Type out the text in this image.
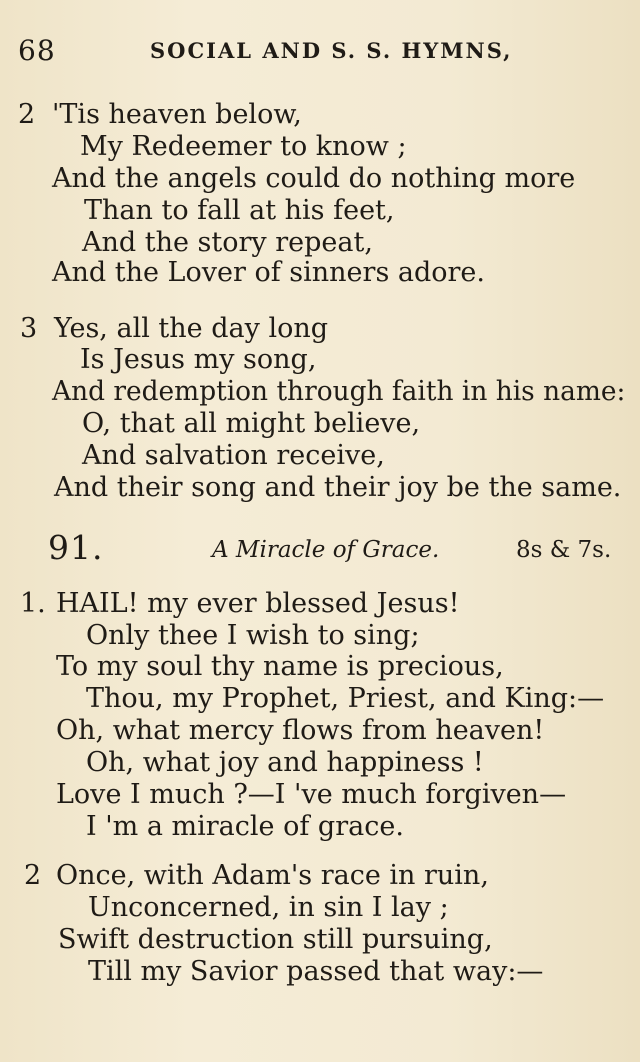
68	SOCIAL AND S. S. HYMNS,
2 'Tis heaven below,
My Redeemer to know ;
And the angels could do nothing more
Than to fall at his feet,
And the story repeat,
And the Lover of sinners adore.
3 Yes, all the day long
Is Jesus my song,
And redemption through faith in his name:
O, that all might believe,
And salvation receive,
And their song and their joy be the same.
91.	A Miracle of Grace.	8s & 7s.
1. HAIL! my ever blessed Jesus!
Only thee I wish to sing;
To my soul thy name is precious,
Thou, my Prophet, Priest, and King:—
Oh, what mercy flows from heaven!
Oh, what joy and happiness !
Love I much ?—I 've much forgiven—
I 'm a miracle of grace.
2 Once, with Adam's race in ruin,
Unconcerned, in sin I lay ;
Swift destruction still pursuing,
Till my Savior passed that way:—
